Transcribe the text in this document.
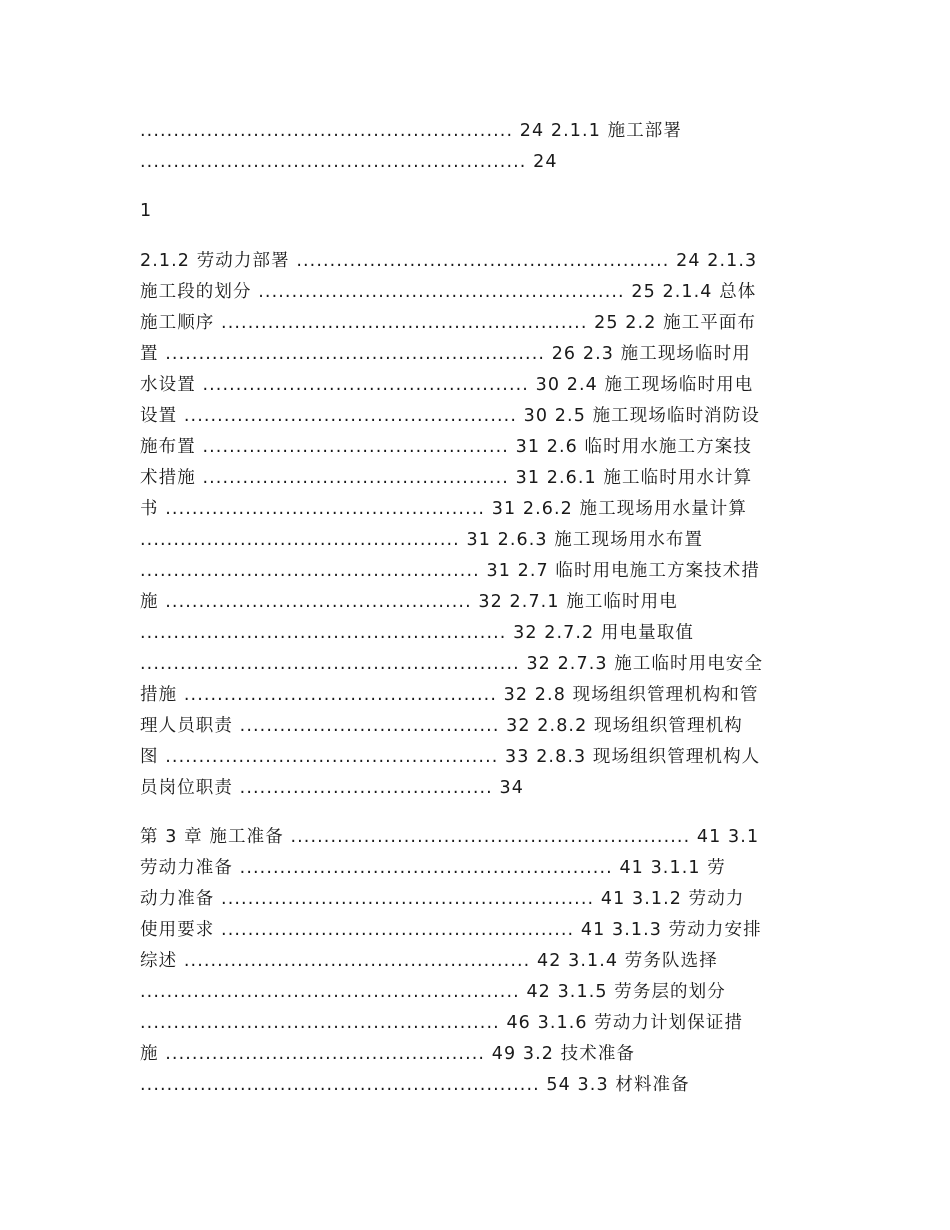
........................................................ 24 2.1.1 施工部署
.......................................................... 24
1
2.1.2 劳动力部署 ........................................................ 24 2.1.3
施工段的划分 ....................................................... 25 2.1.4 总体
施工顺序 ....................................................... 25 2.2 施工平面布
置 ......................................................... 26 2.3 施工现场临时用
水设置 ................................................. 30 2.4 施工现场临时用电
设置 .................................................. 30 2.5 施工现场临时消防设
施布置 .............................................. 31 2.6 临时用水施工方案技
术措施 .............................................. 31 2.6.1 施工临时用水计算
书 ................................................ 31 2.6.2 施工现场用水量计算
................................................ 31 2.6.3 施工现场用水布置
................................................... 31 2.7 临时用电施工方案技术措
施 .............................................. 32 2.7.1 施工临时用电
....................................................... 32 2.7.2 用电量取值
......................................................... 32 2.7.3 施工临时用电安全
措施 ............................................... 32 2.8 现场组织管理机构和管
理人员职责 ....................................... 32 2.8.2 现场组织管理机构
图 .................................................. 33 2.8.3 现场组织管理机构人
员岗位职责 ...................................... 34
第 3 章 施工准备 ............................................................ 41 3.1
劳动力准备 ........................................................ 41 3.1.1 劳
动力准备 ........................................................ 41 3.1.2 劳动力
使用要求 ..................................................... 41 3.1.3 劳动力安排
综述 .................................................... 42 3.1.4 劳务队选择
......................................................... 42 3.1.5 劳务层的划分
...................................................... 46 3.1.6 劳动力计划保证措
施 ................................................ 49 3.2 技术准备
............................................................ 54 3.3 材料准备
